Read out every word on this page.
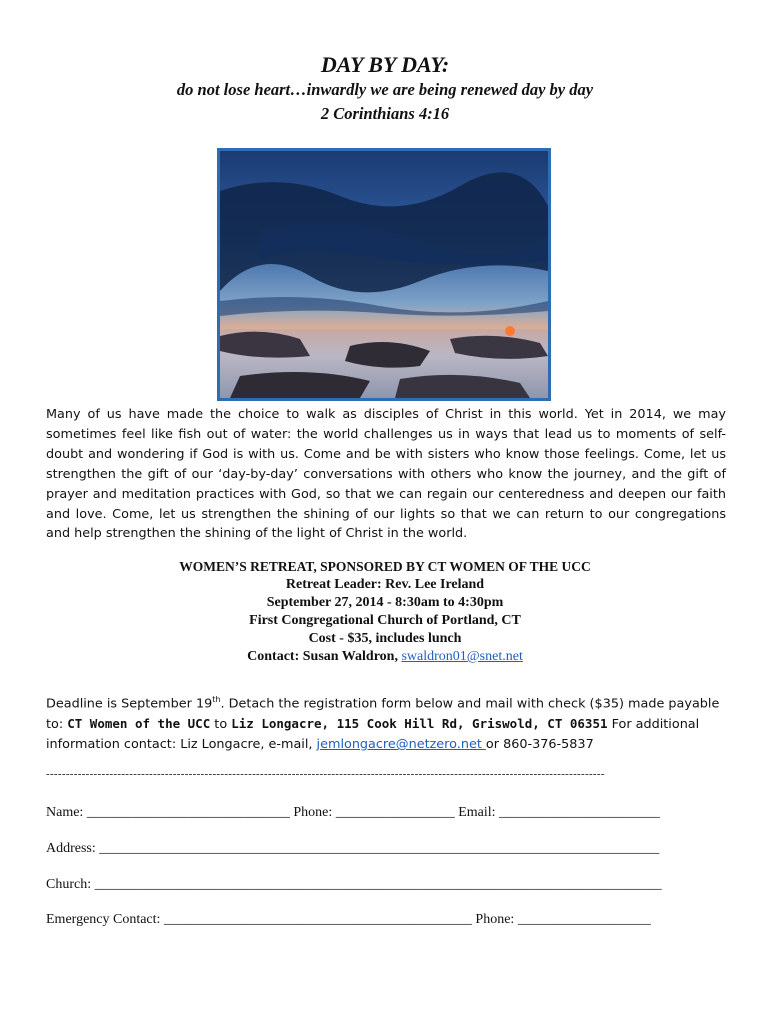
DAY BY DAY:
do not lose heart…inwardly we are being renewed day by day
2 Corinthians 4:16
Many of us have made the choice to walk as disciples of Christ in this world. Yet in 2014, we may sometimes feel like fish out of water: the world challenges us in ways that lead us to moments of self-doubt and wondering if God is with us. Come and be with sisters who know those feelings. Come, let us strengthen the gift of our ‘day-by-day’ conversations with others who know the journey, and the gift of prayer and meditation practices with God, so that we can regain our centeredness and deepen our faith and love. Come, let us strengthen the shining of our lights so that we can return to our congregations and help strengthen the shining of the light of Christ in the world.
WOMEN’S RETREAT, SPONSORED BY CT WOMEN OF THE UCC
Retreat Leader: Rev. Lee Ireland
September 27, 2014 - 8:30am to 4:30pm
First Congregational Church of Portland, CT
Cost - $35, includes lunch
Contact: Susan Waldron, swaldron01@snet.net
Deadline is September 19th. Detach the registration form below and mail with check ($35) made payable to: CT Women of the UCC to Liz Longacre, 115 Cook Hill Rd, Griswold, CT 06351 For additional information contact: Liz Longacre, e-mail, jemlongacre@netzero.net or 860-376-5837
---------------------------------------------------------------------------------------------------------------------------------------------
Name: _____________________________ Phone: _________________ Email: _______________________
Address: ________________________________________________________________________________
Church: _________________________________________________________________________________
Emergency Contact: ____________________________________________ Phone: ___________________
